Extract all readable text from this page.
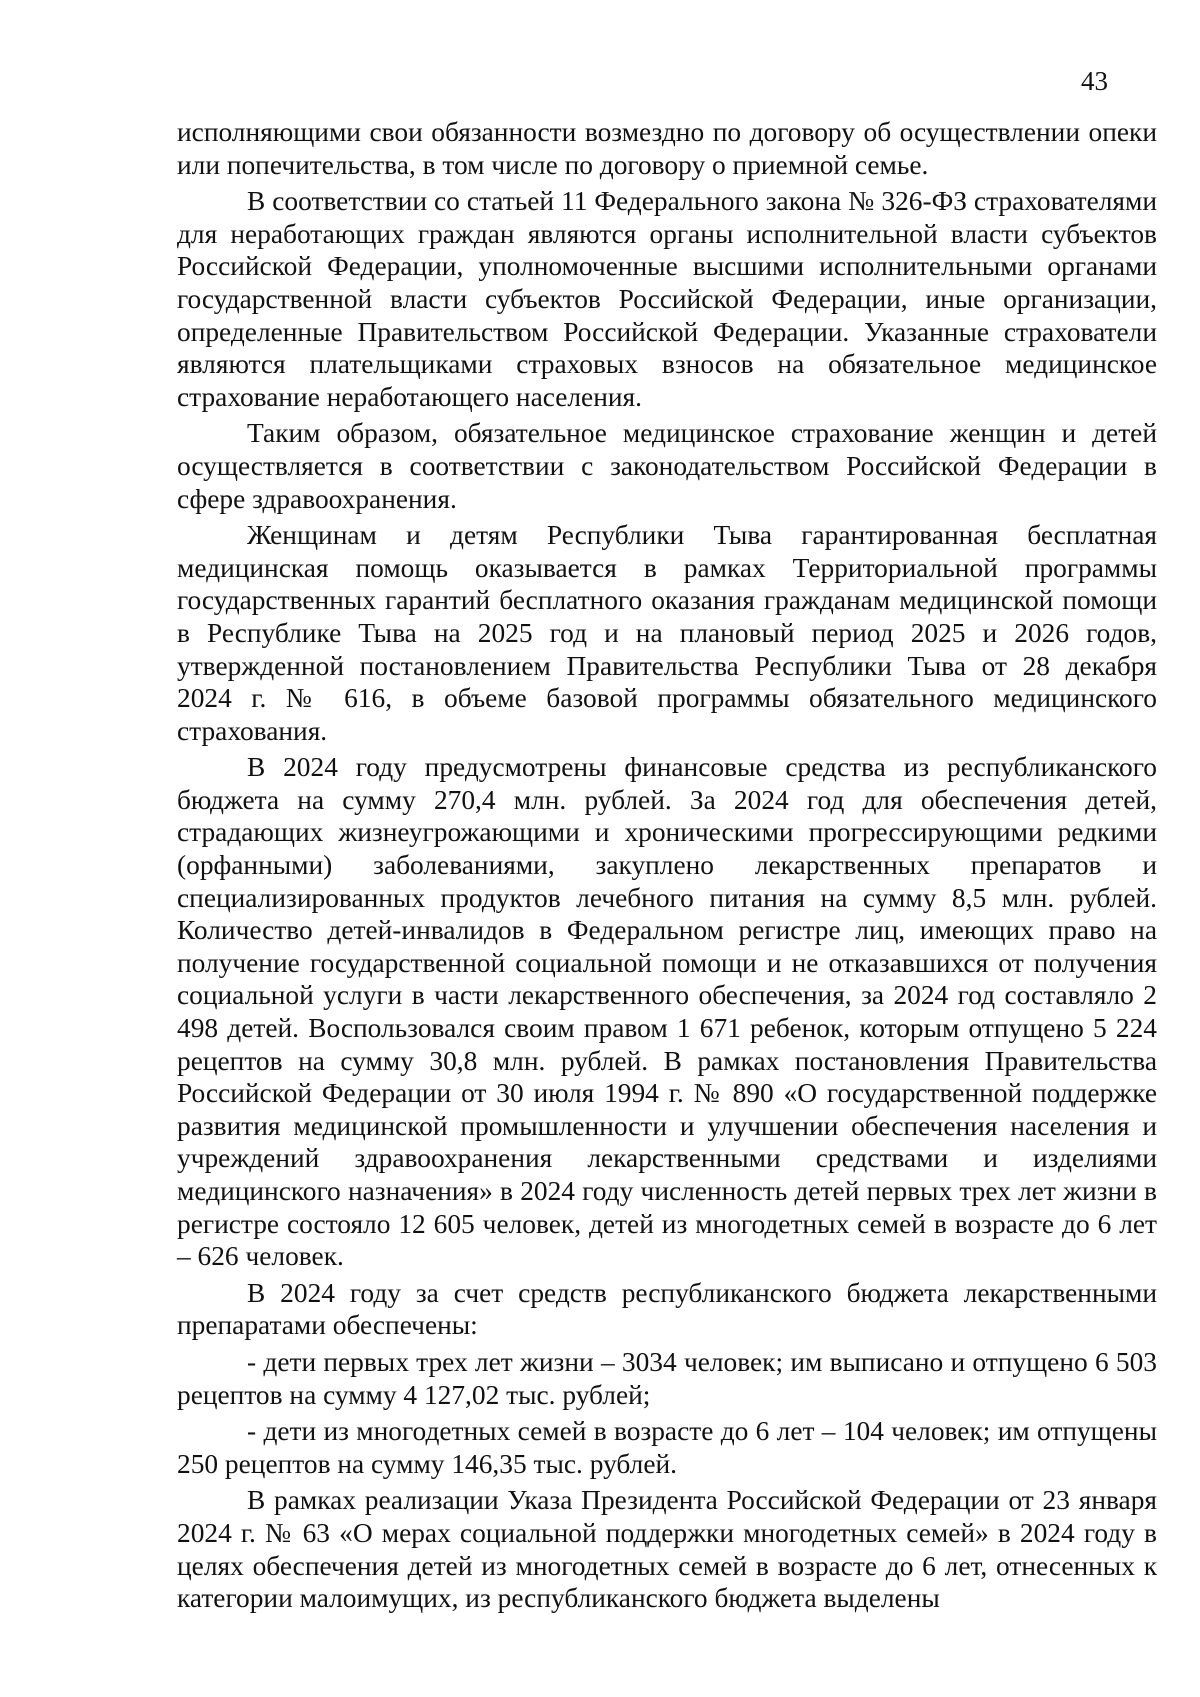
43

исполняющими свои обязанности возмездно по договору об осуществлении опеки или попечительства, в том числе по договору о приемной семье.

В соответствии со статьей 11 Федерального закона № 326-ФЗ страхователями для неработающих граждан являются органы исполнительной власти субъектов Российской Федерации, уполномоченные высшими исполнительными органами государственной власти субъектов Российской Федерации, иные организации, определенные Правительством Российской Федерации. Указанные страхователи являются плательщиками страховых взносов на обязательное медицинское страхование неработающего населения.

Таким образом, обязательное медицинское страхование женщин и детей осуществляется в соответствии с законодательством Российской Федерации в сфере здравоохранения.

Женщинам и детям Республики Тыва гарантированная бесплатная медицинская помощь оказывается в рамках Территориальной программы государственных гарантий бесплатного оказания гражданам медицинской помощи в Республике Тыва на 2025 год и на плановый период 2025 и 2026 годов, утвержденной постановлением Правительства Республики Тыва от 28 декабря 2024 г. № 616, в объеме базовой программы обязательного медицинского страхования.

В 2024 году предусмотрены финансовые средства из республиканского бюджета на сумму 270,4 млн. рублей. За 2024 год для обеспечения детей, страдающих жизнеугрожающими и хроническими прогрессирующими редкими (орфанными) заболеваниями, закуплено лекарственных препаратов и специализированных продуктов лечебного питания на сумму 8,5 млн. рублей. Количество детей-инвалидов в Федеральном регистре лиц, имеющих право на получение государственной социальной помощи и не отказавшихся от получения социальной услуги в части лекарственного обеспечения, за 2024 год составляло 2 498 детей. Воспользовался своим правом 1 671 ребенок, которым отпущено 5 224 рецептов на сумму 30,8 млн. рублей. В рамках постановления Правительства Российской Федерации от 30 июля 1994 г. № 890 «О государственной поддержке развития медицинской промышленности и улучшении обеспечения населения и учреждений здравоохранения лекарственными средствами и изделиями медицинского назначения» в 2024 году численность детей первых трех лет жизни в регистре состояло 12 605 человек, детей из многодетных семей в возрасте до 6 лет – 626 человек.

В 2024 году за счет средств республиканского бюджета лекарственными препаратами обеспечены:

- дети первых трех лет жизни – 3034 человек; им выписано и отпущено 6 503 рецептов на сумму 4 127,02 тыс. рублей;

- дети из многодетных семей в возрасте до 6 лет – 104 человек; им отпущены 250 рецептов на сумму 146,35 тыс. рублей.

В рамках реализации Указа Президента Российской Федерации от 23 января 2024 г. № 63 «О мерах социальной поддержки многодетных семей» в 2024 году в целях обеспечения детей из многодетных семей в возрасте до 6 лет, отнесенных к категории малоимущих, из республиканского бюджета выделены
